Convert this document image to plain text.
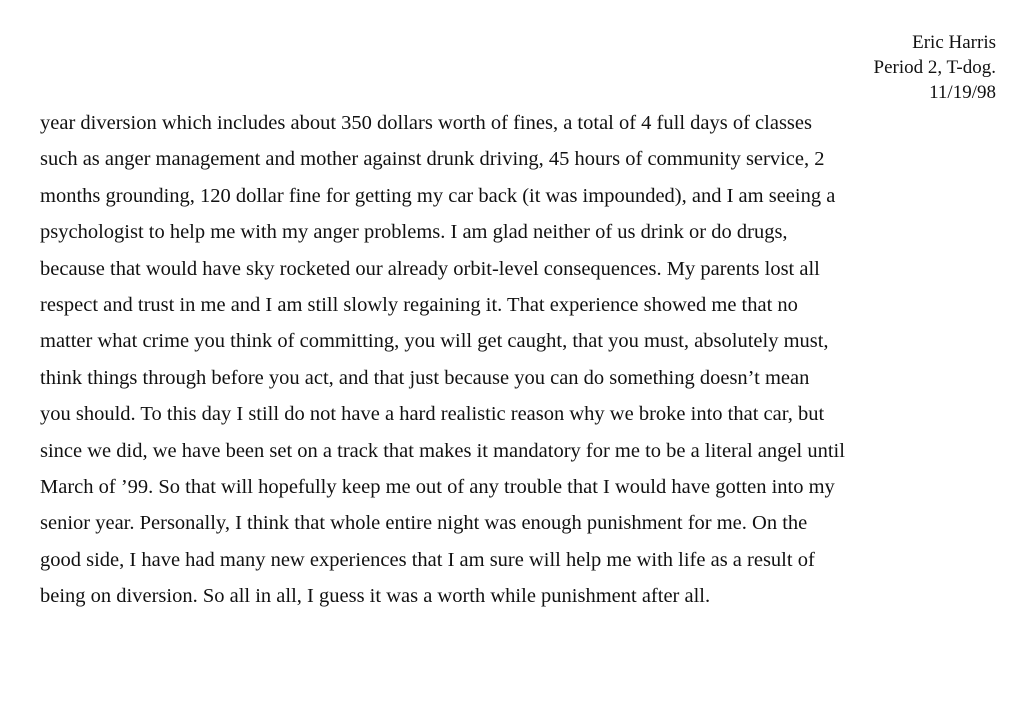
Eric Harris
Period 2, T-dog.
11/19/98
year diversion which includes about 350 dollars worth of fines, a total of 4 full days of classes
such as anger management and mother against drunk driving, 45 hours of community service, 2
months grounding, 120 dollar fine for getting my car back (it was impounded), and I am seeing a
psychologist to help me with my anger problems. I am glad neither of us drink or do drugs,
because that would have sky rocketed our already orbit-level consequences. My parents lost all
respect and trust in me and I am still slowly regaining it. That experience showed me that no
matter what crime you think of committing, you will get caught, that you must, absolutely must,
think things through before you act, and that just because you can do something doesn’t mean
you should. To this day I still do not have a hard realistic reason why we broke into that car, but
since we did, we have been set on a track that makes it mandatory for me to be a literal angel until
March of ’99. So that will hopefully keep me out of any trouble that I would have gotten into my
senior year. Personally, I think that whole entire night was enough punishment for me. On the
good side, I have had many new experiences that I am sure will help me with life as a result of
being on diversion. So all in all, I guess it was a worth while punishment after all.
